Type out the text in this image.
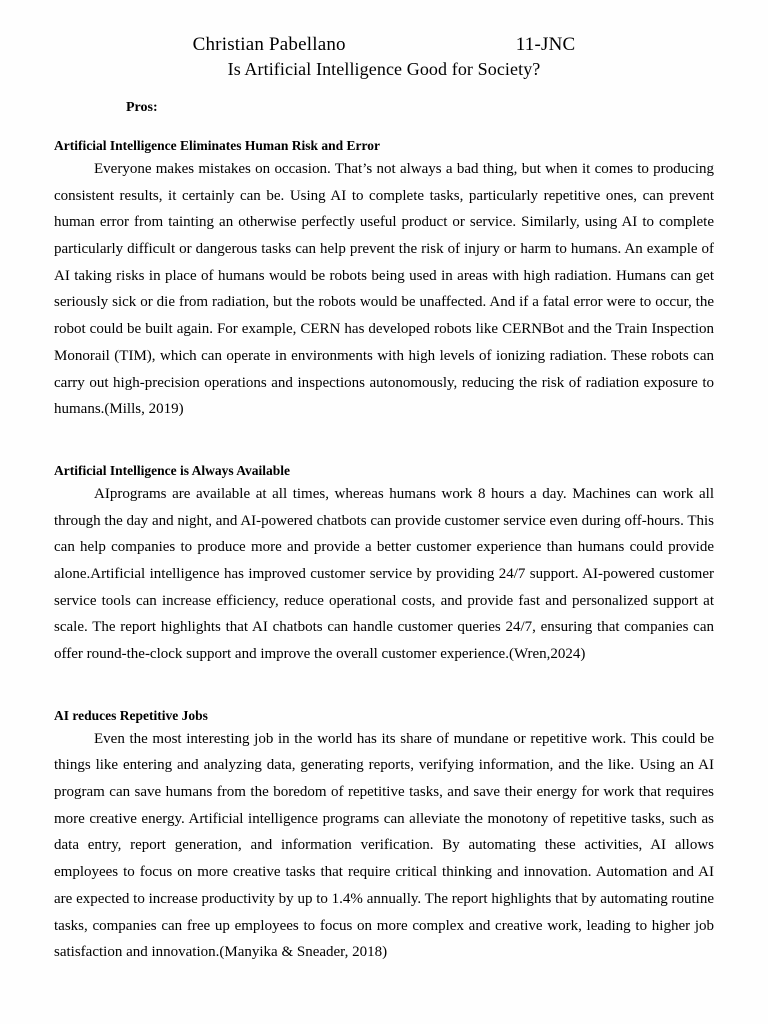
Christian Pabellano	11-JNC
Is Artificial Intelligence Good for Society?
Pros:
Artificial Intelligence Eliminates Human Risk and Error

Everyone makes mistakes on occasion. That’s not always a bad thing, but when it comes to producing consistent results, it certainly can be. Using AI to complete tasks, particularly repetitive ones, can prevent human error from tainting an otherwise perfectly useful product or service. Similarly, using AI to complete particularly difficult or dangerous tasks can help prevent the risk of injury or harm to humans. An example of AI taking risks in place of humans would be robots being used in areas with high radiation. Humans can get seriously sick or die from radiation, but the robots would be unaffected. And if a fatal error were to occur, the robot could be built again. For example, CERN has developed robots like CERNBot and the Train Inspection Monorail (TIM), which can operate in environments with high levels of ionizing radiation. These robots can carry out high-precision operations and inspections autonomously, reducing the risk of radiation exposure to humans.(Mills, 2019)

Artificial Intelligence is Always Available

AIprograms are available at all times, whereas humans work 8 hours a day. Machines can work all through the day and night, and AI-powered chatbots can provide customer service even during off-hours. This can help companies to produce more and provide a better customer experience than humans could provide alone.Artificial intelligence has improved customer service by providing 24/7 support. AI-powered customer service tools can increase efficiency, reduce operational costs, and provide fast and personalized support at scale. The report highlights that AI chatbots can handle customer queries 24/7, ensuring that companies can offer round-the-clock support and improve the overall customer experience.(Wren,2024)

AI reduces Repetitive Jobs

Even the most interesting job in the world has its share of mundane or repetitive work. This could be things like entering and analyzing data, generating reports, verifying information, and the like. Using an AI program can save humans from the boredom of repetitive tasks, and save their energy for work that requires more creative energy. Artificial intelligence programs can alleviate the monotony of repetitive tasks, such as data entry, report generation, and information verification. By automating these activities, AI allows employees to focus on more creative tasks that require critical thinking and innovation. Automation and AI are expected to increase productivity by up to 1.4% annually. The report highlights that by automating routine tasks, companies can free up employees to focus on more complex and creative work, leading to higher job satisfaction and innovation.(Manyika & Sneader, 2018)
